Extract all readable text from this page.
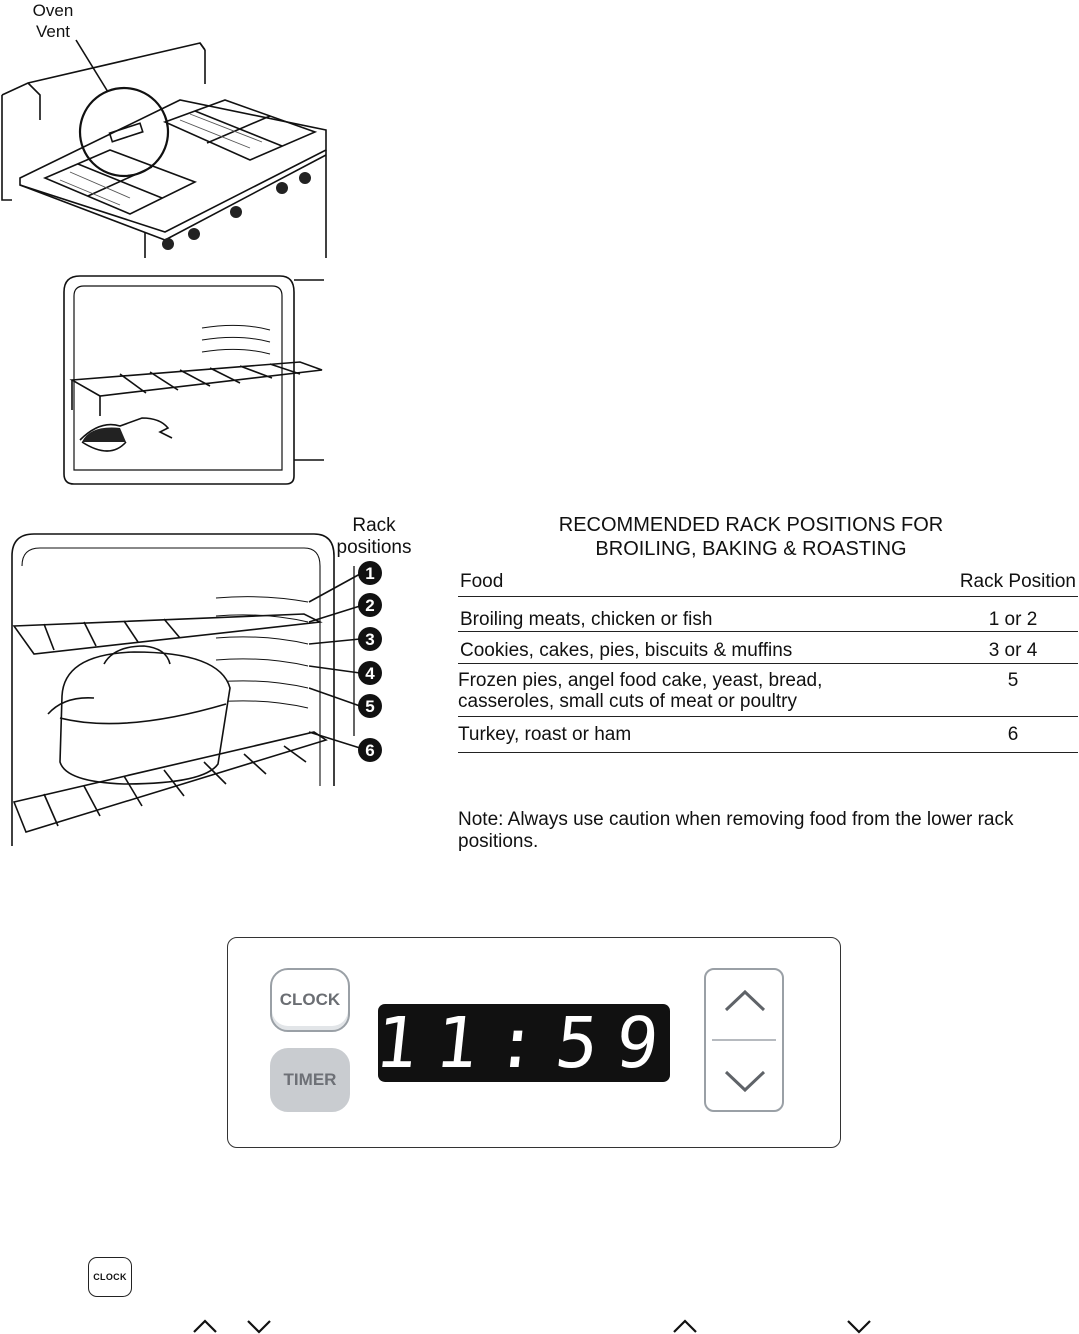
Oven
Vent
Rack
positions
1
2
3
4
5
6
RECOMMENDED RACK POSITIONS FOR
BROILING, BAKING & ROASTING
Food	Rack Position
Broiling meats, chicken or fish	1 or 2
Cookies, cakes, pies, biscuits & muffins	3 or 4
Frozen pies, angel food cake, yeast, bread,
casseroles, small cuts of meat or poultry
5
Turkey, roast or ham	6
Note: Always use caution when removing food from the lower rack
positions.
CLOCK
TIMER 11:59
CLOCK
